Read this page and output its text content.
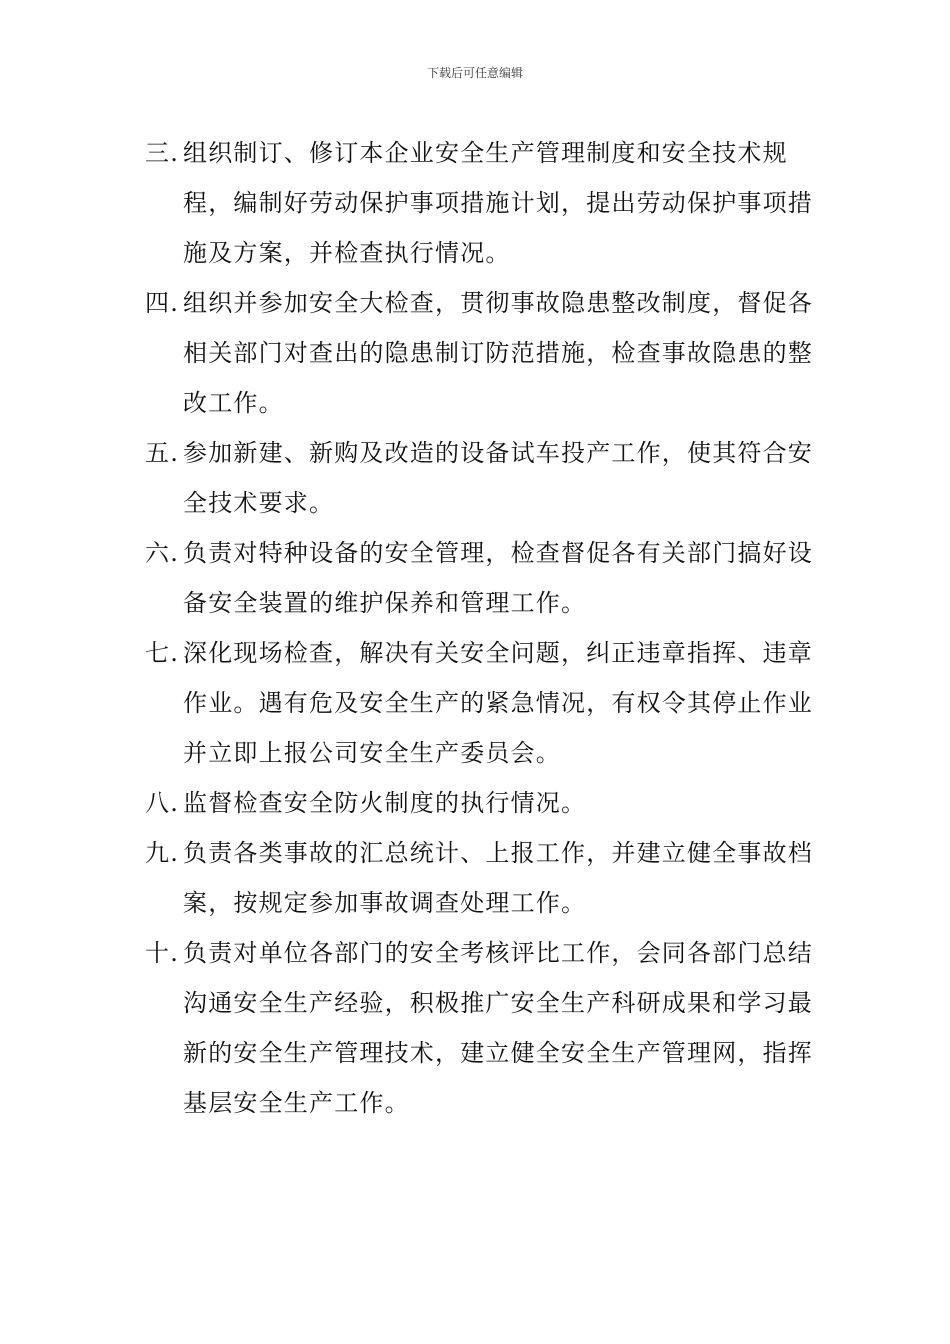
下载后可任意编辑
三. 组织制订、修订本企业安全生产管理制度和安全技术规程，编制好劳动保护事项措施计划，提出劳动保护事项措施及方案，并检查执行情况。
四. 组织并参加安全大检查，贯彻事故隐患整改制度，督促各相关部门对查出的隐患制订防范措施，检查事故隐患的整改工作。
五. 参加新建、新购及改造的设备试车投产工作，使其符合安全技术要求。
六. 负责对特种设备的安全管理，检查督促各有关部门搞好设备安全装置的维护保养和管理工作。
七. 深化现场检查，解决有关安全问题，纠正违章指挥、违章作业。遇有危及安全生产的紧急情况，有权令其停止作业并立即上报公司安全生产委员会。
八. 监督检查安全防火制度的执行情况。
九. 负责各类事故的汇总统计、上报工作，并建立健全事故档案，按规定参加事故调查处理工作。
十. 负责对单位各部门的安全考核评比工作，会同各部门总结沟通安全生产经验，积极推广安全生产科研成果和学习最新的安全生产管理技术，建立健全安全生产管理网，指挥基层安全生产工作。
